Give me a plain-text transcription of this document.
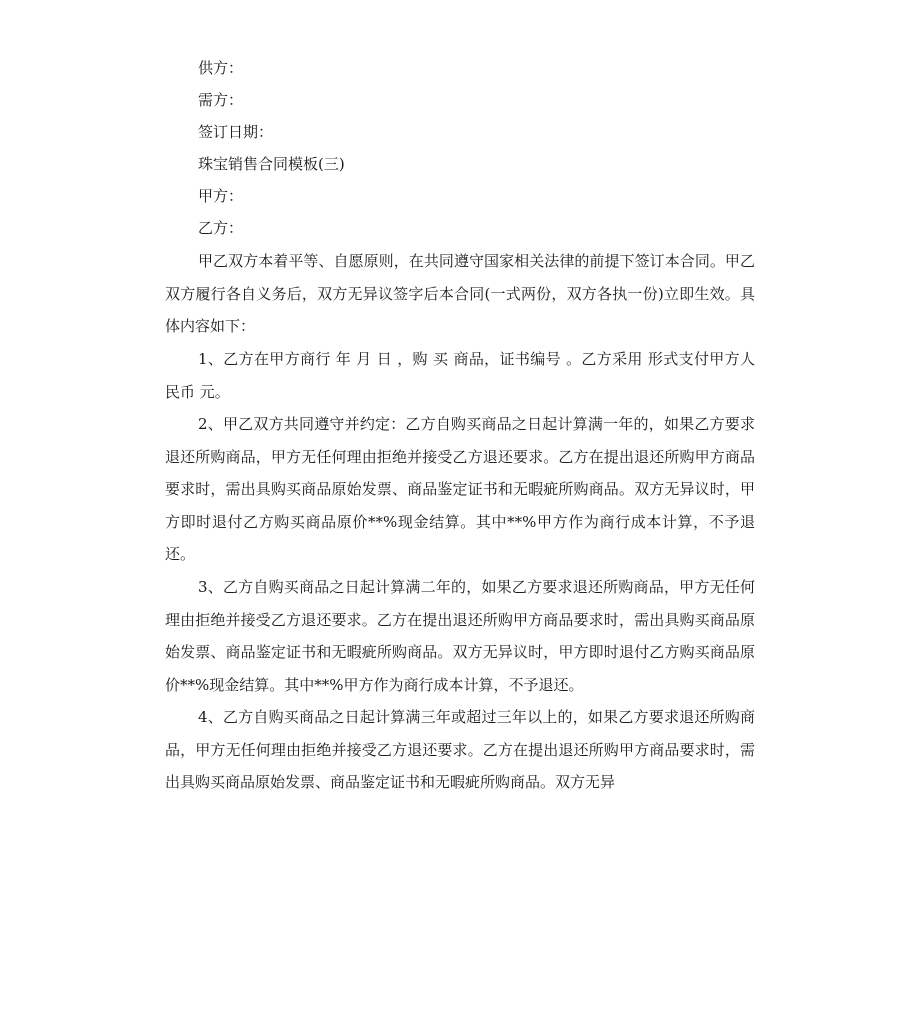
供方：
需方：
签订日期：
珠宝销售合同模板(三)
甲方：
乙方：

甲乙双方本着平等、自愿原则，在共同遵守国家相关法律的前提下签订本合同。甲乙双方履行各自义务后，双方无异议签字后本合同(一式两份，双方各执一份)立即生效。具体内容如下：

1、乙方在甲方商行 年 月 日 ，购 买 商品，证书编号 。乙方采用 形式支付甲方人民币 元。

2、甲乙双方共同遵守并约定：乙方自购买商品之日起计算满一年的，如果乙方要求退还所购商品，甲方无任何理由拒绝并接受乙方退还要求。乙方在提出退还所购甲方商品要求时，需出具购买商品原始发票、商品鉴定证书和无暇疵所购商品。双方无异议时，甲方即时退付乙方购买商品原价**%现金结算。其中**%甲方作为商行成本计算，不予退还。

3、乙方自购买商品之日起计算满二年的，如果乙方要求退还所购商品，甲方无任何理由拒绝并接受乙方退还要求。乙方在提出退还所购甲方商品要求时，需出具购买商品原始发票、商品鉴定证书和无暇疵所购商品。双方无异议时，甲方即时退付乙方购买商品原价**%现金结算。其中**%甲方作为商行成本计算，不予退还。

4、乙方自购买商品之日起计算满三年或超过三年以上的，如果乙方要求退还所购商品，甲方无任何理由拒绝并接受乙方退还要求。乙方在提出退还所购甲方商品要求时，需出具购买商品原始发票、商品鉴定证书和无暇疵所购商品。双方无异
